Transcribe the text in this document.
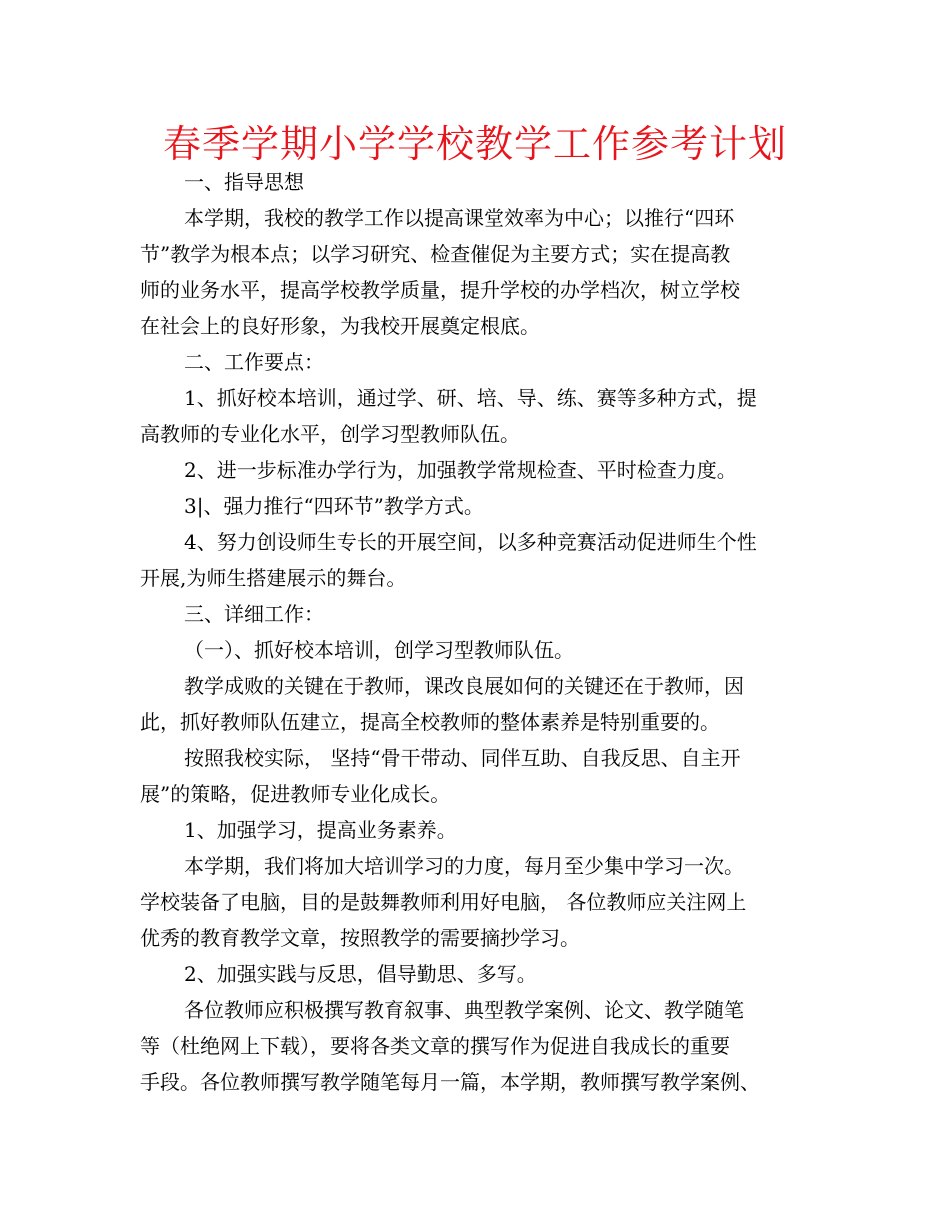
春季学期小学学校教学工作参考计划
一、指导思想
本学期，我校的教学工作以提高课堂效率为中心；以推行“四环
节”教学为根本点；以学习研究、检查催促为主要方式；实在提高教
师的业务水平，提高学校教学质量，提升学校的办学档次，树立学校
在社会上的良好形象，为我校开展奠定根底。
二、工作要点：
1、抓好校本培训，通过学、研、培、导、练、赛等多种方式，提
高教师的专业化水平，创学习型教师队伍。
2、进一步标准办学行为，加强教学常规检查、平时检查力度。
3|、强力推行“四环节”教学方式。
4、努力创设师生专长的开展空间，以多种竞赛活动促进师生个性
开展,为师生搭建展示的舞台。
三、详细工作：
（一）、抓好校本培训，创学习型教师队伍。
教学成败的关键在于教师，课改良展如何的关键还在于教师，因
此，抓好教师队伍建立，提高全校教师的整体素养是特别重要的。
按照我校实际， 坚持“骨干带动、同伴互助、自我反思、自主开
展”的策略，促进教师专业化成长。
1、加强学习，提高业务素养。
本学期，我们将加大培训学习的力度，每月至少集中学习一次。
学校装备了电脑，目的是鼓舞教师利用好电脑， 各位教师应关注网上
优秀的教育教学文章，按照教学的需要摘抄学习。
2、加强实践与反思，倡导勤思、多写。
各位教师应积极撰写教育叙事、典型教学案例、论文、教学随笔
等（杜绝网上下载），要将各类文章的撰写作为促进自我成长的重要
手段。各位教师撰写教学随笔每月一篇，本学期，教师撰写教学案例、
